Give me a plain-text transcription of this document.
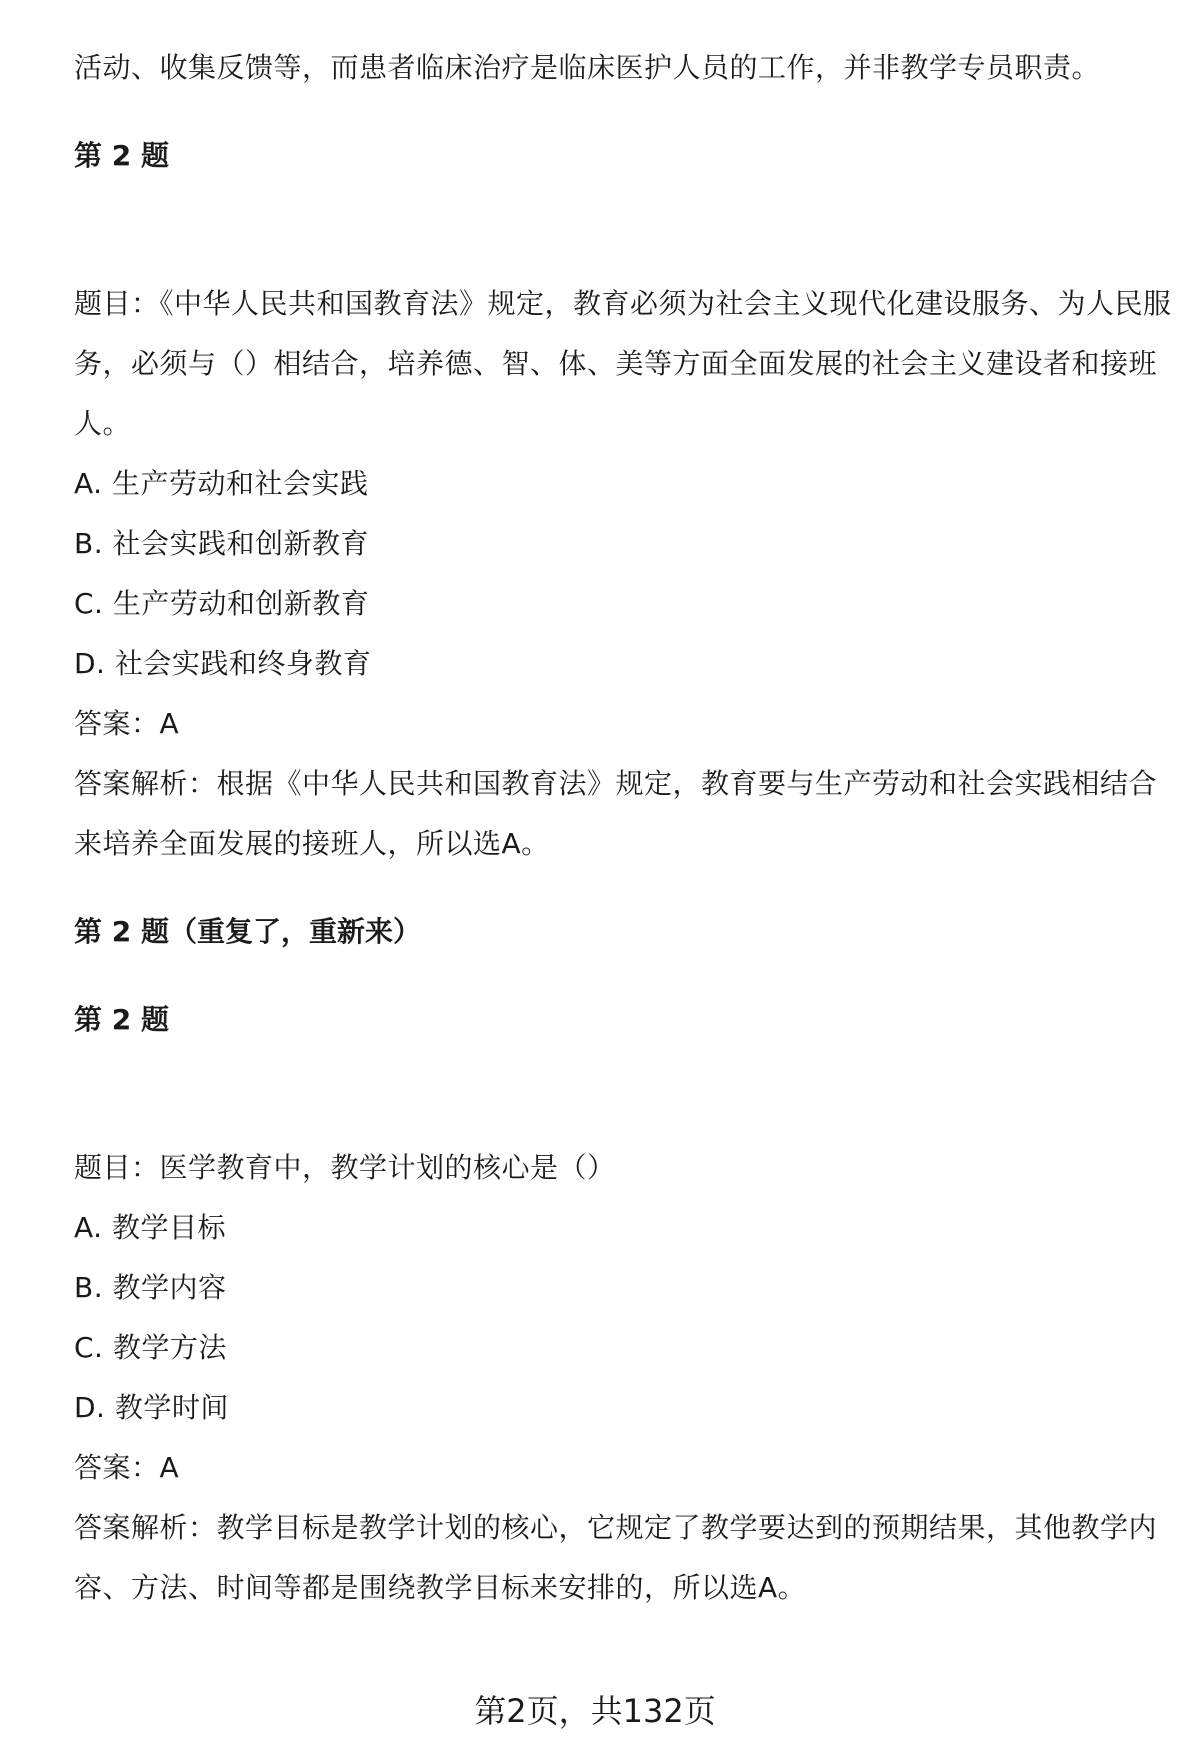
活动、收集反馈等，而患者临床治疗是临床医护人员的工作，并非教学专员职责。

第 2 题

题目：《中华人民共和国教育法》规定，教育必须为社会主义现代化建设服务、为人民服务，必须与（）相结合，培养德、智、体、美等方面全面发展的社会主义建设者和接班人。

A. 生产劳动和社会实践

B. 社会实践和创新教育

C. 生产劳动和创新教育

D. 社会实践和终身教育

答案：A

答案解析：根据《中华人民共和国教育法》规定，教育要与生产劳动和社会实践相结合来培养全面发展的接班人，所以选A。

第 2 题（重复了，重新来）

第 2 题

题目：医学教育中，教学计划的核心是（）

A. 教学目标

B. 教学内容

C. 教学方法

D. 教学时间

答案：A

答案解析：教学目标是教学计划的核心，它规定了教学要达到的预期结果，其他教学内容、方法、时间等都是围绕教学目标来安排的，所以选A。

第2页，共132页
